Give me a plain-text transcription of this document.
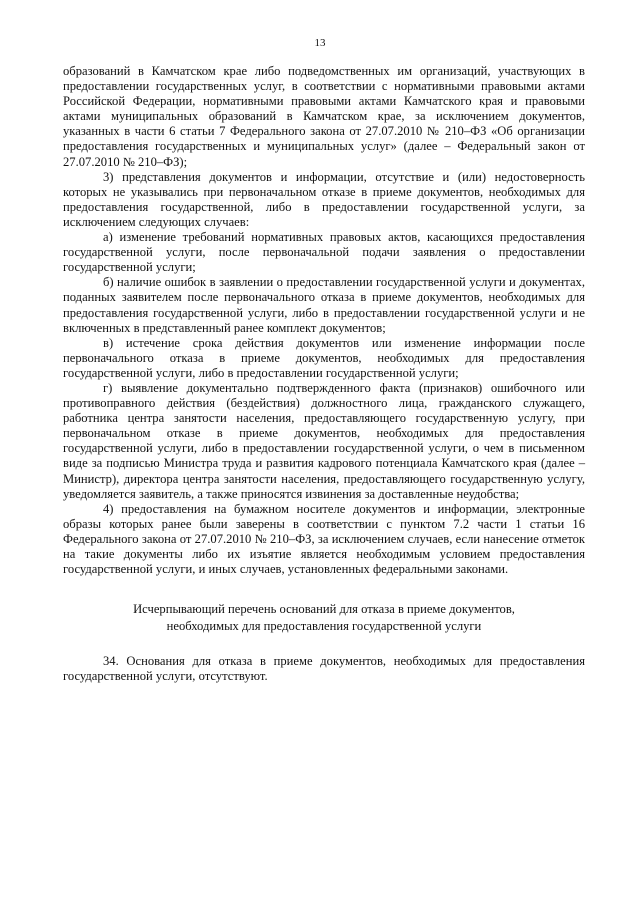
13

образований в Камчатском крае либо подведомственных им организаций, участвующих в предоставлении государственных услуг, в соответствии с нормативными правовыми актами Российской Федерации, нормативными правовыми актами Камчатского края и правовыми актами муниципальных образований в Камчатском крае, за исключением документов, указанных в части 6 статьи 7 Федерального закона от 27.07.2010 № 210–ФЗ «Об организации предоставления государственных и муниципальных услуг» (далее – Федеральный закон от 27.07.2010 № 210–ФЗ);

3) представления документов и информации, отсутствие и (или) недостоверность которых не указывались при первоначальном отказе в приеме документов, необходимых для предоставления государственной, либо в предоставлении государственной услуги, за исключением следующих случаев:

а) изменение требований нормативных правовых актов, касающихся предоставления государственной услуги, после первоначальной подачи заявления о предоставлении государственной услуги;

б) наличие ошибок в заявлении о предоставлении государственной услуги и документах, поданных заявителем после первоначального отказа в приеме документов, необходимых для предоставления государственной услуги, либо в предоставлении государственной услуги и не включенных в представленный ранее комплект документов;

в) истечение срока действия документов или изменение информации после первоначального отказа в приеме документов, необходимых для предоставления государственной услуги, либо в предоставлении государственной услуги;

г) выявление документально подтвержденного факта (признаков) ошибочного или противоправного действия (бездействия) должностного лица, гражданского служащего, работника центра занятости населения, предоставляющего государственную услугу, при первоначальном отказе в приеме документов, необходимых для предоставления государственной услуги, либо в предоставлении государственной услуги, о чем в письменном виде за подписью Министра труда и развития кадрового потенциала Камчатского края (далее – Министр), директора центра занятости населения, предоставляющего государственную услугу, уведомляется заявитель, а также приносятся извинения за доставленные неудобства;

4) предоставления на бумажном носителе документов и информации, электронные образы которых ранее были заверены в соответствии с пунктом 7.2 части 1 статьи 16 Федерального закона от 27.07.2010 № 210–ФЗ, за исключением случаев, если нанесение отметок на такие документы либо их изъятие является необходимым условием предоставления государственной услуги, и иных случаев, установленных федеральными законами.

Исчерпывающий перечень оснований для отказа в приеме документов,
необходимых для предоставления государственной услуги

34. Основания для отказа в приеме документов, необходимых для предоставления государственной услуги, отсутствуют.
